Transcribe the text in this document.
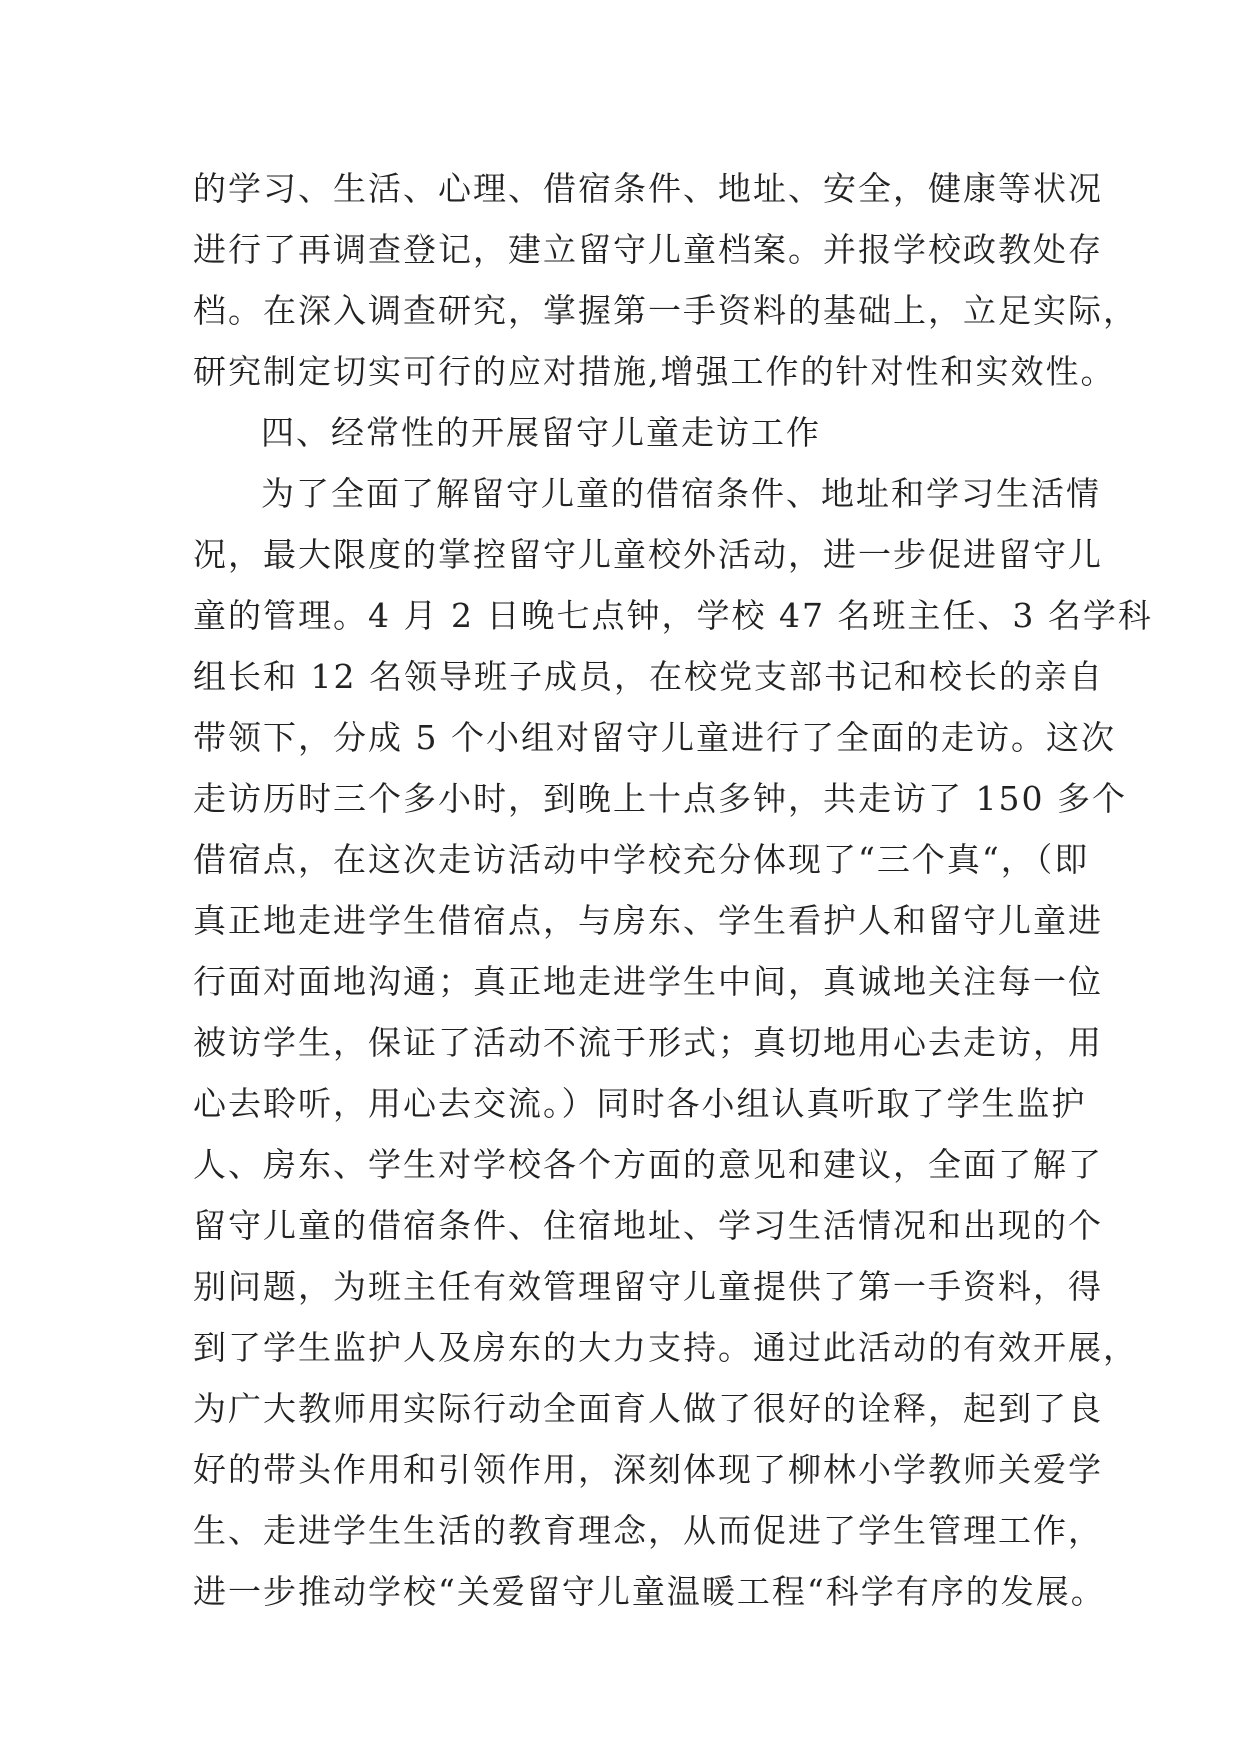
的学习、生活、心理、借宿条件、地址、安全，健康等状况
进行了再调查登记，建立留守儿童档案。并报学校政教处存
档。在深入调查研究，掌握第一手资料的基础上，立足实际，
研究制定切实可行的应对措施,增强工作的针对性和实效性。
四、经常性的开展留守儿童走访工作
为了全面了解留守儿童的借宿条件、地址和学习生活情
况，最大限度的掌控留守儿童校外活动，进一步促进留守儿
童的管理。4 月 2 日晚七点钟，学校 47 名班主任、3 名学科
组长和 12 名领导班子成员，在校党支部书记和校长的亲自
带领下，分成 5 个小组对留守儿童进行了全面的走访。这次
走访历时三个多小时，到晚上十点多钟，共走访了 150 多个
借宿点，在这次走访活动中学校充分体现了“三个真“，（即
真正地走进学生借宿点，与房东、学生看护人和留守儿童进
行面对面地沟通；真正地走进学生中间，真诚地关注每一位
被访学生，保证了活动不流于形式；真切地用心去走访，用
心去聆听，用心去交流。）同时各小组认真听取了学生监护
人、房东、学生对学校各个方面的意见和建议，全面了解了
留守儿童的借宿条件、住宿地址、学习生活情况和出现的个
别问题，为班主任有效管理留守儿童提供了第一手资料，得
到了学生监护人及房东的大力支持。通过此活动的有效开展，
为广大教师用实际行动全面育人做了很好的诠释，起到了良
好的带头作用和引领作用，深刻体现了柳林小学教师关爱学
生、走进学生生活的教育理念，从而促进了学生管理工作，
进一步推动学校“关爱留守儿童温暖工程“科学有序的发展。
